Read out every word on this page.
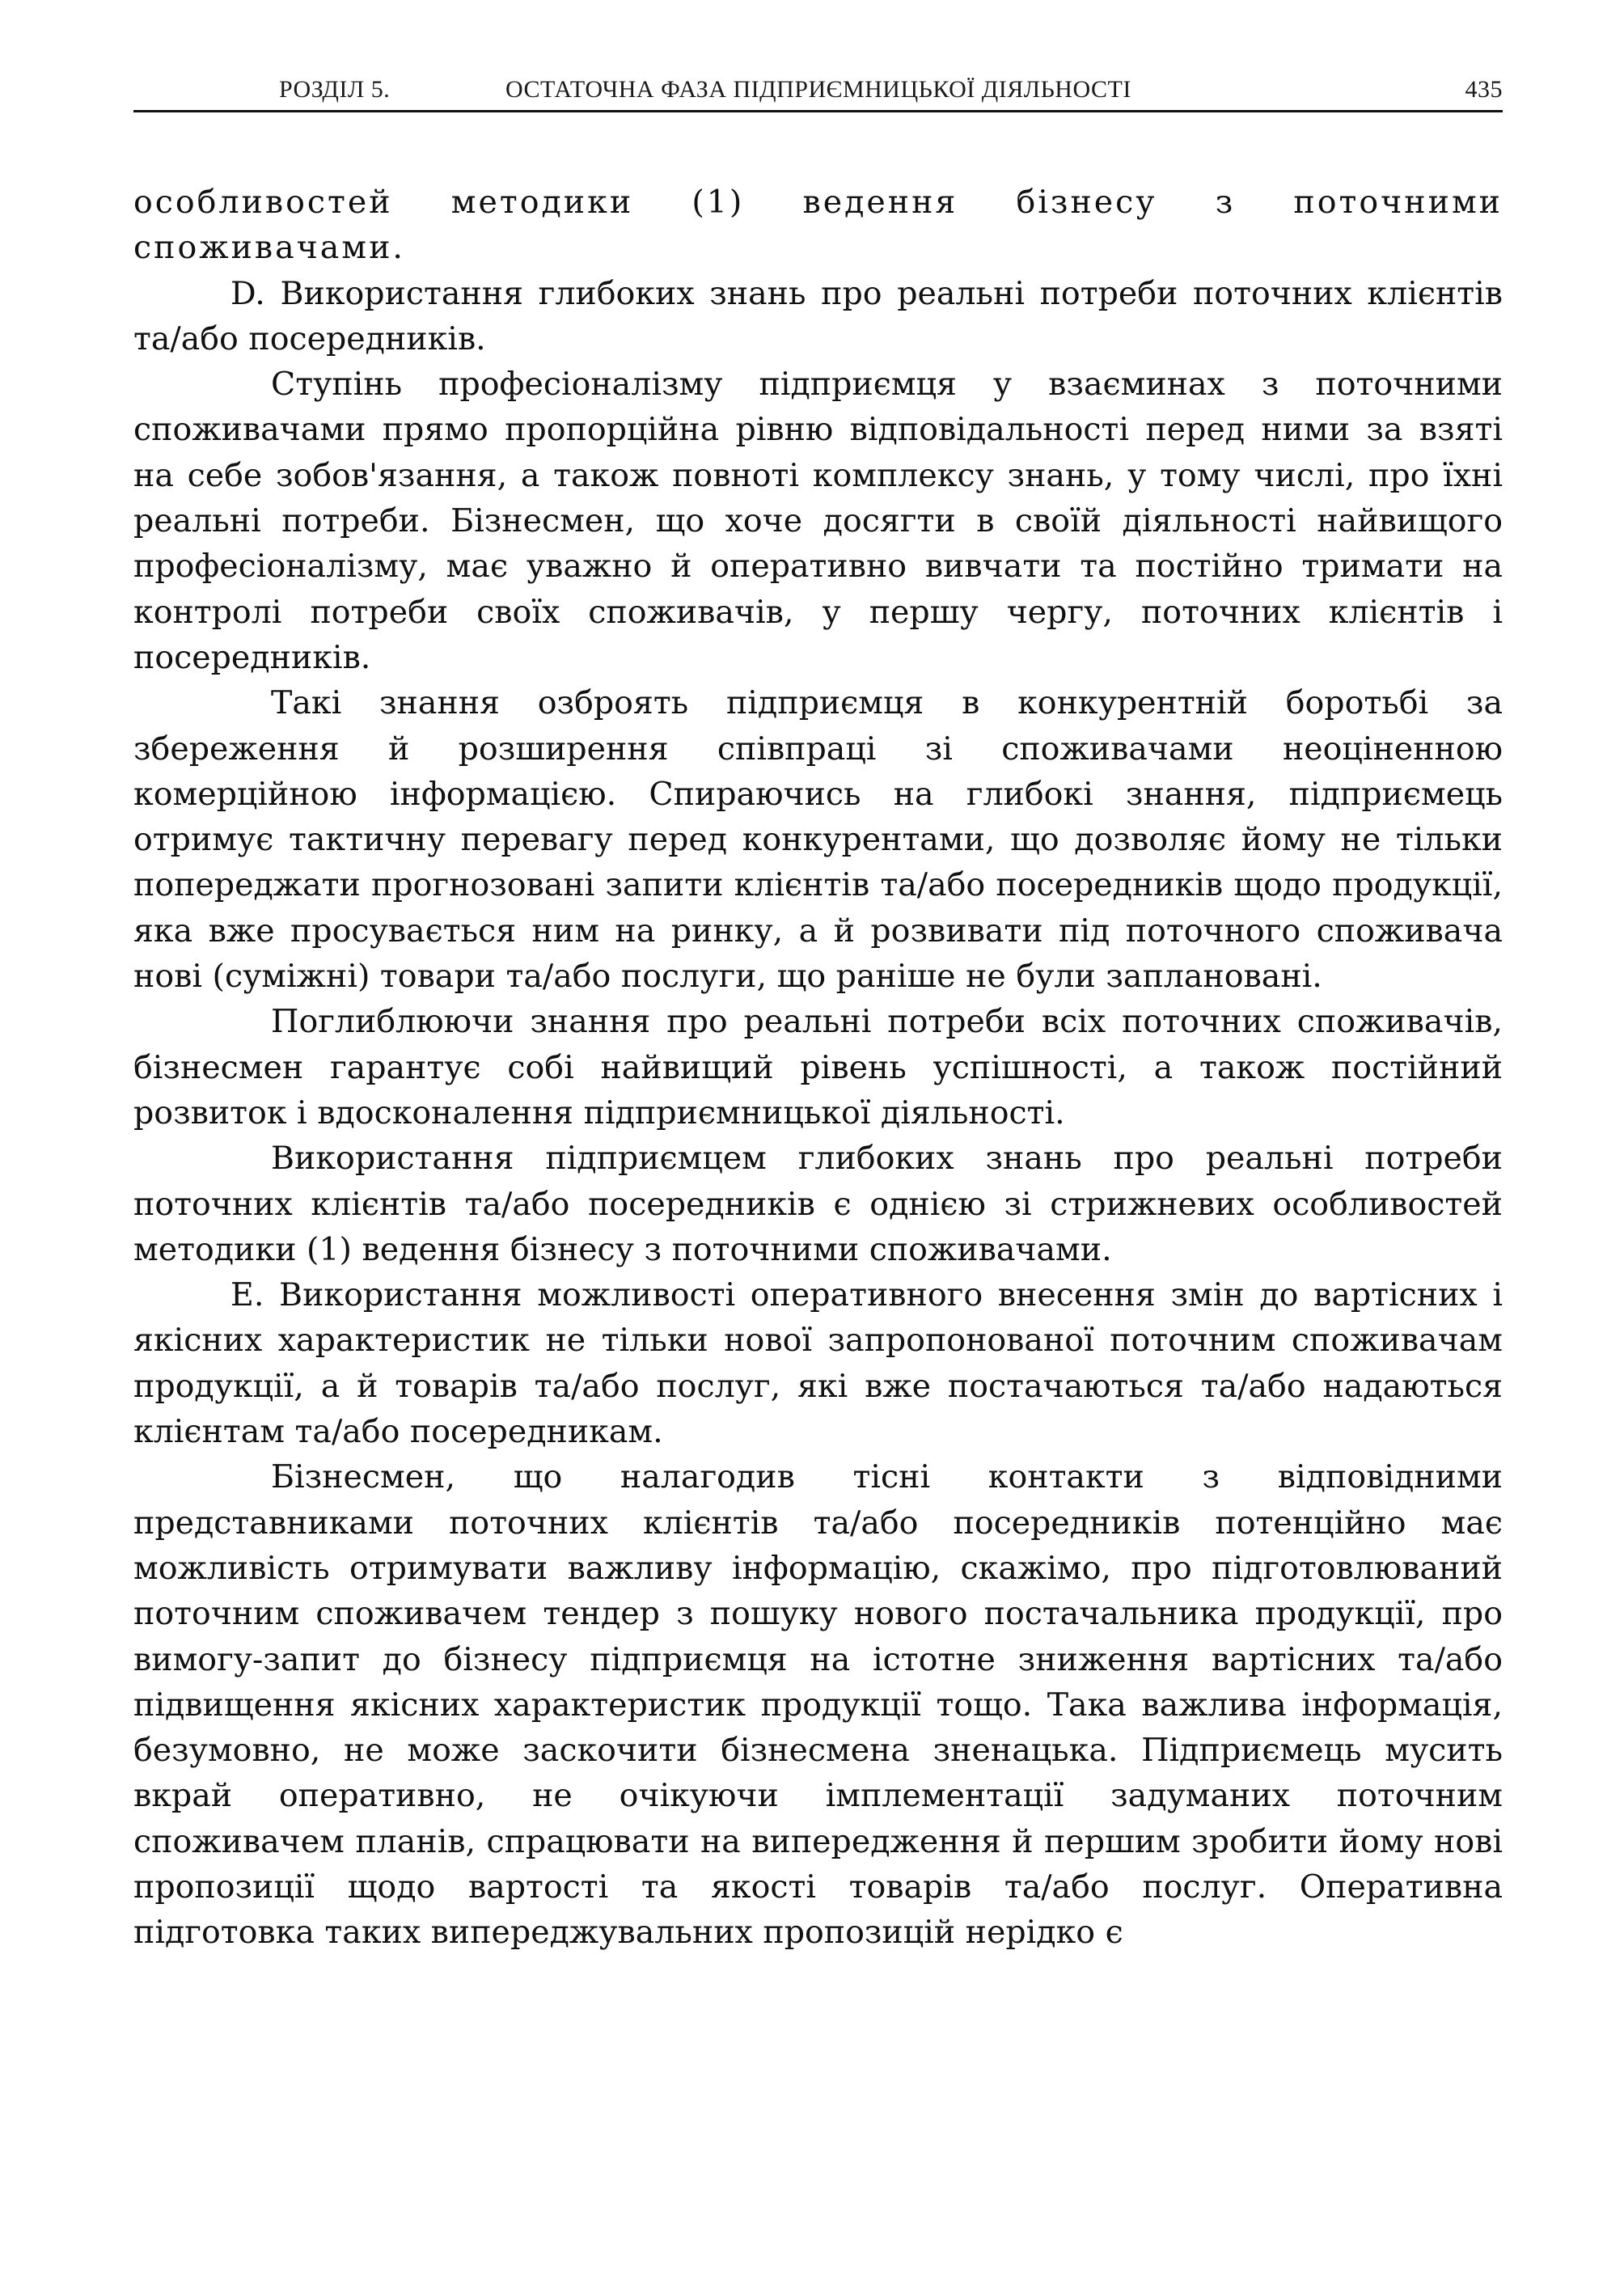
РОЗДІЛ 5.	ОСТАТОЧНА ФАЗА ПІДПРИЄМНИЦЬКОЇ ДІЯЛЬНОСТІ	435

особливостей методики (1) ведення бізнесу з поточними споживачами.

D. Використання глибоких знань про реальні потреби поточних клієнтів та/або посередників.

Ступінь професіоналізму підприємця у взаєминах з поточними споживачами прямо пропорційна рівню відповідальності перед ними за взяті на себе зобов'язання, а також повноті комплексу знань, у тому числі, про їхні реальні потреби. Бізнесмен, що хоче досягти в своїй діяльності найвищого професіоналізму, має уважно й оперативно вивчати та постійно тримати на контролі потреби своїх споживачів, у першу чергу, поточних клієнтів і посередників.

Такі знання озброять підприємця в конкурентній боротьбі за збереження й розширення співпраці зі споживачами неоціненною комерційною інформацією. Спираючись на глибокі знання, підприємець отримує тактичну перевагу перед конкурентами, що дозволяє йому не тільки попереджати прогнозовані запити клієнтів та/або посередників щодо продукції, яка вже просувається ним на ринку, а й розвивати під поточного споживача нові (суміжні) товари та/або послуги, що раніше не були заплановані.

Поглиблюючи знання про реальні потреби всіх поточних споживачів, бізнесмен гарантує собі найвищий рівень успішності, а також постійний розвиток і вдосконалення підприємницької діяльності.

Використання підприємцем глибоких знань про реальні потреби поточних клієнтів та/або посередників є однією зі стрижневих особливостей методики (1) ведення бізнесу з поточними споживачами.

E. Використання можливості оперативного внесення змін до вартісних і якісних характеристик не тільки нової запропонованої поточним споживачам продукції, а й товарів та/або послуг, які вже постачаються та/або надаються клієнтам та/або посередникам.

Бізнесмен, що налагодив тісні контакти з відповідними представниками поточних клієнтів та/або посередників потенційно має можливість отримувати важливу інформацію, скажімо, про підготовлюваний поточним споживачем тендер з пошуку нового постачальника продукції, про вимогу-запит до бізнесу підприємця на істотне зниження вартісних та/або підвищення якісних характеристик продукції тощо. Така важлива інформація, безумовно, не може заскочити бізнесмена зненацька. Підприємець мусить вкрай оперативно, не очікуючи імплементації задуманих поточним споживачем планів, спрацювати на випередження й першим зробити йому нові пропозиції щодо вартості та якості товарів та/або послуг. Оперативна підготовка таких випереджувальних пропозицій нерідко є
